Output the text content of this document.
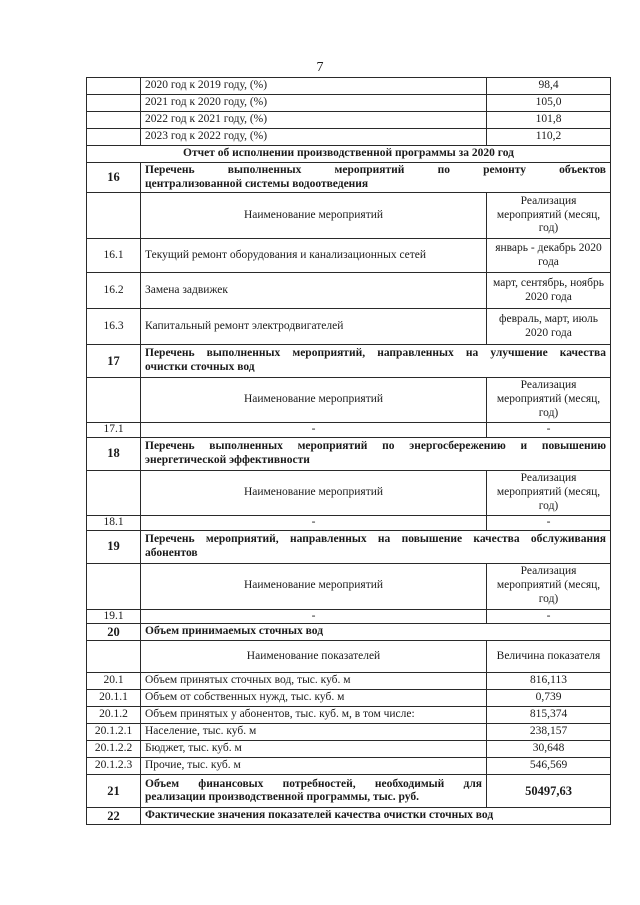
7
	2020 год к 2019 году, (%)	98,4
	2021 год к 2020 году, (%)	105,0
	2022 год к 2021 году, (%)	101,8
	2023 год к 2022 году, (%)	110,2
Отчет об исполнении производственной программы за 2020 год		
16	Перечень выполненных мероприятий по ремонту объектов
централизованной системы водоотведения	

	Наименование мероприятий	Реализация мероприятий (месяц, год)
16.1	Текущий ремонт оборудования и канализационных сетей	январь - декабрь 2020 года
16.2	Замена задвижек	март, сентябрь, ноябрь 2020 года
16.3	Капитальный ремонт электродвигателей	февраль, март, июль 2020 года
17	Перечень выполненных мероприятий, направленных на улучшение качества
очистки сточных вод	

	Наименование мероприятий	Реализация мероприятий (месяц, год)
17.1	-	-
18	Перечень выполненных мероприятий по энергосбережению и повышению
энергетической эффективности	

	Наименование мероприятий	Реализация мероприятий (месяц, год)
18.1	-	-
19	Перечень мероприятий, направленных на повышение качества обслуживания
абонентов	

	Наименование мероприятий	Реализация мероприятий (месяц, год)
19.1	-	-
20	Объем принимаемых сточных вод	
	Наименование показателей	Величина показателя
20.1	Объем принятых сточных вод, тыс. куб. м	816,113
20.1.1	Объем от собственных нужд, тыс. куб. м	0,739
20.1.2	Объем принятых у абонентов, тыс. куб. м, в том числе:	815,374
20.1.2.1	Население, тыс. куб. м	238,157
20.1.2.2	Бюджет, тыс. куб. м	30,648
20.1.2.3	Прочие, тыс. куб. м	546,569
21	Объем финансовых потребностей, необходимый для
реализации производственной программы, тыс. руб.	50497,63
22	Фактические значения показателей качества очистки сточных вод	
